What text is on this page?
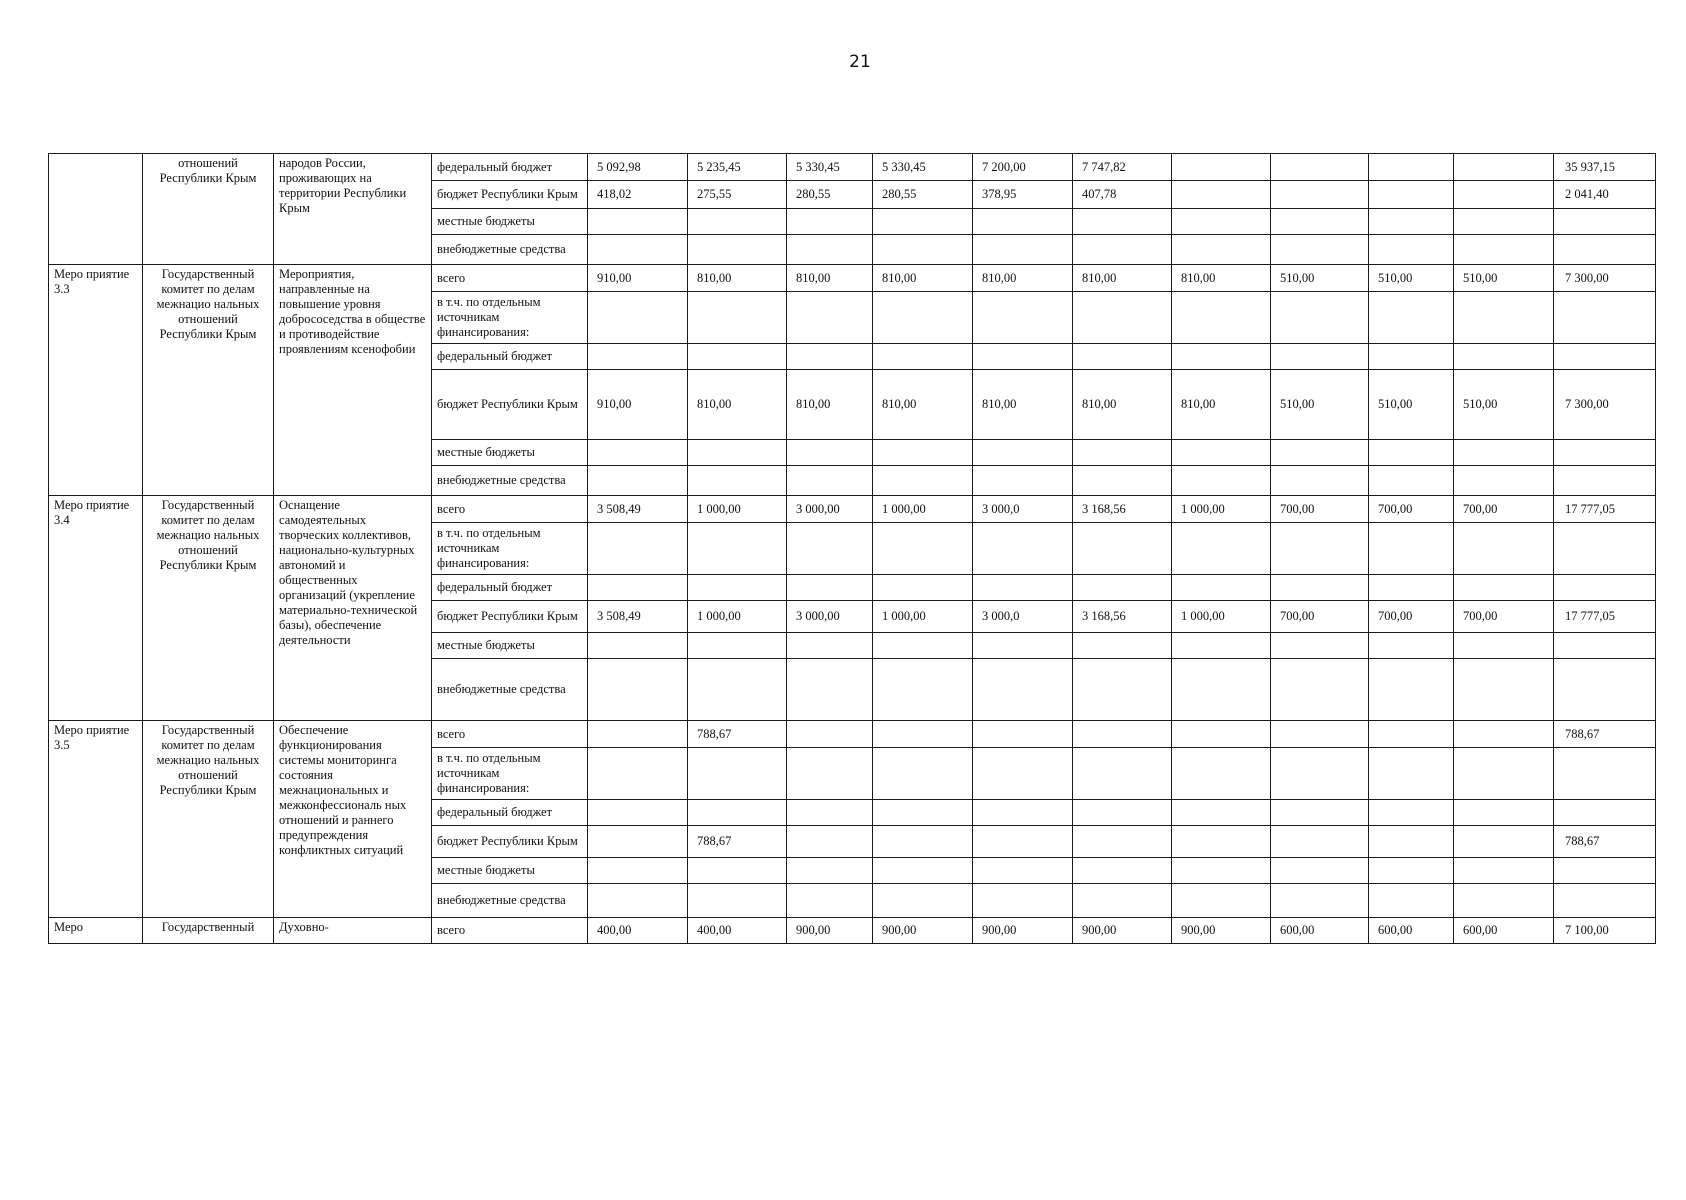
21
	отношений Республики Крым	народов России, проживающих на территории Республики Крым	федеральный бюджет	5 092,98	5 235,45	5 330,45	5 330,45	7 200,00	7 747,82					35 937,15
			бюджет Республики Крым	418,02	275,55	280,55	280,55	378,95	407,78					2 041,40
			местные бюджеты											
			внебюджетные средства											
Меро приятие 3.3	Государственный комитет по делам межнацио нальных отношений Республики Крым	Мероприятия, направленные на повышение уровня добрососедства в обществе и противодействие проявлениям ксенофобии	всего	910,00	810,00	810,00	810,00	810,00	810,00	810,00	510,00	510,00	510,00	7 300,00
			в т.ч. по отдельным источникам финансирования:											
			федеральный бюджет											
			бюджет Республики Крым	910,00	810,00	810,00	810,00	810,00	810,00	810,00	510,00	510,00	510,00	7 300,00
			местные бюджеты											
			внебюджетные средства											
Меро приятие 3.4	Государственный комитет по делам межнацио нальных отношений Республики Крым	Оснащение самодеятельных творческих коллективов, национально-культурных автономий и общественных организаций (укрепление материально-технической базы), обеспечение деятельности	всего	3 508,49	1 000,00	3 000,00	1 000,00	3 000,0	3 168,56	1 000,00	700,00	700,00	700,00	17 777,05
			в т.ч. по отдельным источникам финансирования:											
			федеральный бюджет											
			бюджет Республики Крым	3 508,49	1 000,00	3 000,00	1 000,00	3 000,0	3 168,56	1 000,00	700,00	700,00	700,00	17 777,05
			местные бюджеты											
			внебюджетные средства											
Меро приятие 3.5	Государственный комитет по делам межнацио нальных отношений Республики Крым	Обеспечение функционирования системы мониторинга состояния межнациональных и межконфессиональ ных отношений и раннего предупреждения конфликтных ситуаций	всего		788,67									788,67
			в т.ч. по отдельным источникам финансирования:											
			федеральный бюджет											
			бюджет Республики Крым		788,67									788,67
			местные бюджеты											
			внебюджетные средства											
Меро	Государственный	Духовно-	всего	400,00	400,00	900,00	900,00	900,00	900,00	900,00	600,00	600,00	600,00	7 100,00
